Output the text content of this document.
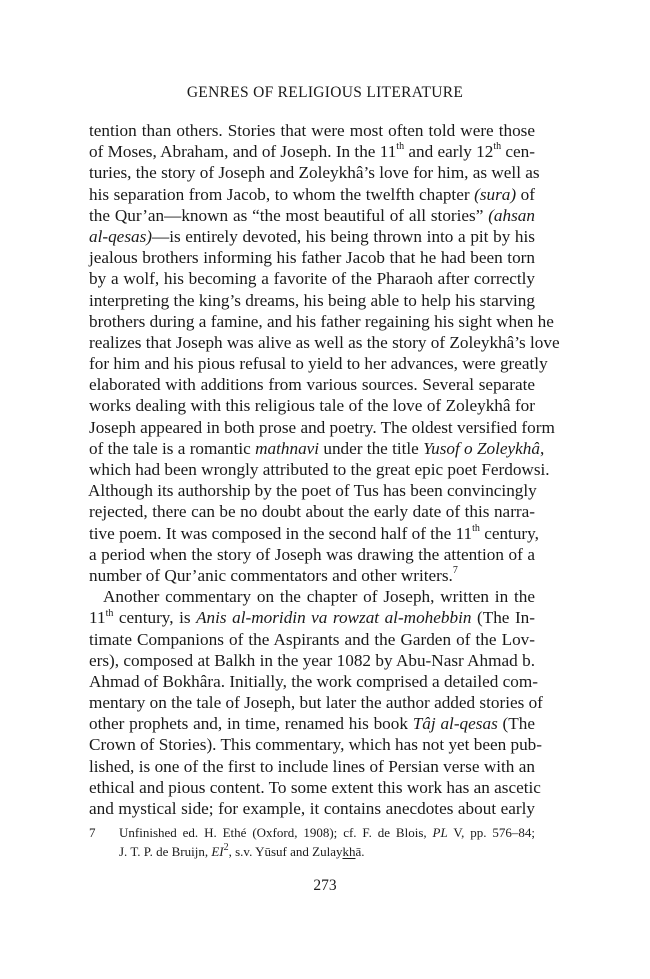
GENRES OF RELIGIOUS LITERATURE
tention than others. Stories that were most often told were those
of Moses, Abraham, and of Joseph. In the 11th and early 12th cen-
turies, the story of Joseph and Zoleykhâ’s love for him, as well as
his separation from Jacob, to whom the twelfth chapter (sura) of
the Qur’an—known as “the most beautiful of all stories” (ahsan
al-qesas)—is entirely devoted, his being thrown into a pit by his
jealous brothers informing his father Jacob that he had been torn
by a wolf, his becoming a favorite of the Pharaoh after correctly
interpreting the king’s dreams, his being able to help his starving
brothers during a famine, and his father regaining his sight when he
realizes that Joseph was alive as well as the story of Zoleykhâ’s love
for him and his pious refusal to yield to her advances, were greatly
elaborated with additions from various sources. Several separate
works dealing with this religious tale of the love of Zoleykhâ for
Joseph appeared in both prose and poetry. The oldest versified form
of the tale is a romantic mathnavi under the title Yusof o Zoleykhâ,
which had been wrongly attributed to the great epic poet Ferdowsi.
Although its authorship by the poet of Tus has been convincingly
rejected, there can be no doubt about the early date of this narra-
tive poem. It was composed in the second half of the 11th century,
a period when the story of Joseph was drawing the attention of a
number of Qur’anic commentators and other writers.$^7$
Another commentary on the chapter of Joseph, written in the
11th century, is Anis al-moridin va rowzat al-mohebbin (The In-
timate Companions of the Aspirants and the Garden of the Lov-
ers), composed at Balkh in the year 1082 by Abu-Nasr Ahmad b.
Ahmad of Bokhâra. Initially, the work comprised a detailed com-
mentary on the tale of Joseph, but later the author added stories of
other prophets and, in time, renamed his book Tâj al-qesas (The
Crown of Stories). This commentary, which has not yet been pub-
lished, is one of the first to include lines of Persian verse with an
ethical and pious content. To some extent this work has an ascetic
and mystical side; for example, it contains anecdotes about early
7 Unfinished ed. H. Ethé (Oxford, 1908); cf. F. de Blois, PL V, pp. 576–84;
J. T. P. de Bruijn, $EI^2$, s.v. Yūsuf and Zulaykhā.
273
